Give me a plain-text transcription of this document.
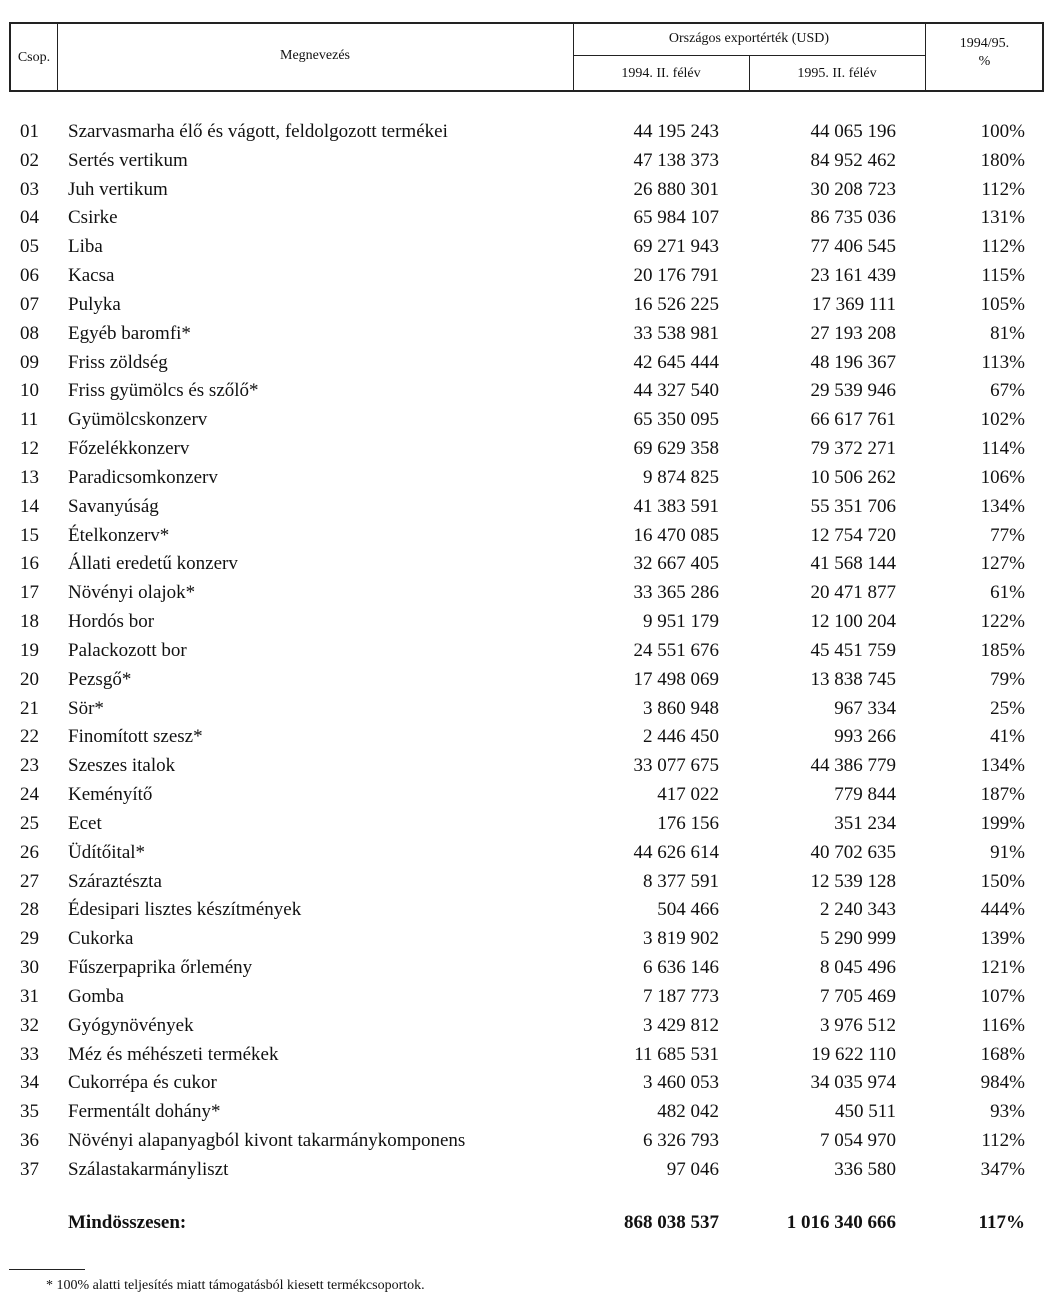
Csop.	Megnevezés
Országos exportérték (USD)
1994. II. félév	1995. II. félév
1994/95.
%
01 Szarvasmarha élő és vágott, feldolgozott termékei	44 195 243	44 065 196	100%
02 Sertés vertikum	47 138 373	84 952 462	180%
03 Juh vertikum	26 880 301	30 208 723	112%
04 Csirke	65 984 107	86 735 036	131%
05 Liba	69 271 943	77 406 545	112%
06 Kacsa	20 176 791	23 161 439	115%
07 Pulyka	16 526 225	17 369 111	105%
08 Egyéb baromfi*	33 538 981	27 193 208	81%
09 Friss zöldség	42 645 444	48 196 367	113%
10 Friss gyümölcs és szőlő*	44 327 540	29 539 946	67%
11 Gyümölcskonzerv	65 350 095	66 617 761	102%
12 Főzelékkonzerv	69 629 358	79 372 271	114%
13 Paradicsomkonzerv	9 874 825	10 506 262	106%
14 Savanyúság	41 383 591	55 351 706	134%
15 Ételkonzerv*	16 470 085	12 754 720	77%
16 Állati eredetű konzerv	32 667 405	41 568 144	127%
17 Növényi olajok*	33 365 286	20 471 877	61%
18 Hordós bor	9 951 179	12 100 204	122%
19 Palackozott bor	24 551 676	45 451 759	185%
20 Pezsgő*	17 498 069	13 838 745	79%
21 Sör*	3 860 948	967 334	25%
22 Finomított szesz*	2 446 450	993 266	41%
23 Szeszes italok	33 077 675	44 386 779	134%
24 Keményítő	417 022	779 844	187%
25 Ecet	176 156	351 234	199%
26 Üdítőital*	44 626 614	40 702 635	91%
27 Száraztészta	8 377 591	12 539 128	150%
28 Édesipari lisztes készítmények	504 466	2 240 343	444%
29 Cukorka	3 819 902	5 290 999	139%
30 Fűszerpaprika őrlemény	6 636 146	8 045 496	121%
31 Gomba	7 187 773	7 705 469	107%
32 Gyógynövények	3 429 812	3 976 512	116%
33 Méz és méhészeti termékek	11 685 531	19 622 110	168%
34 Cukorrépa és cukor	3 460 053	34 035 974	984%
35 Fermentált dohány*	482 042	450 511	93%
36 Növényi alapanyagból kivont takarmánykomponens	6 326 793	7 054 970	112%
37 Szálastakarmányliszt	97 046	336 580	347%
Mindösszesen:	868 038 537	1 016 340 666	117%
* 100% alatti teljesítés miatt támogatásból kiesett termékcsoportok.
